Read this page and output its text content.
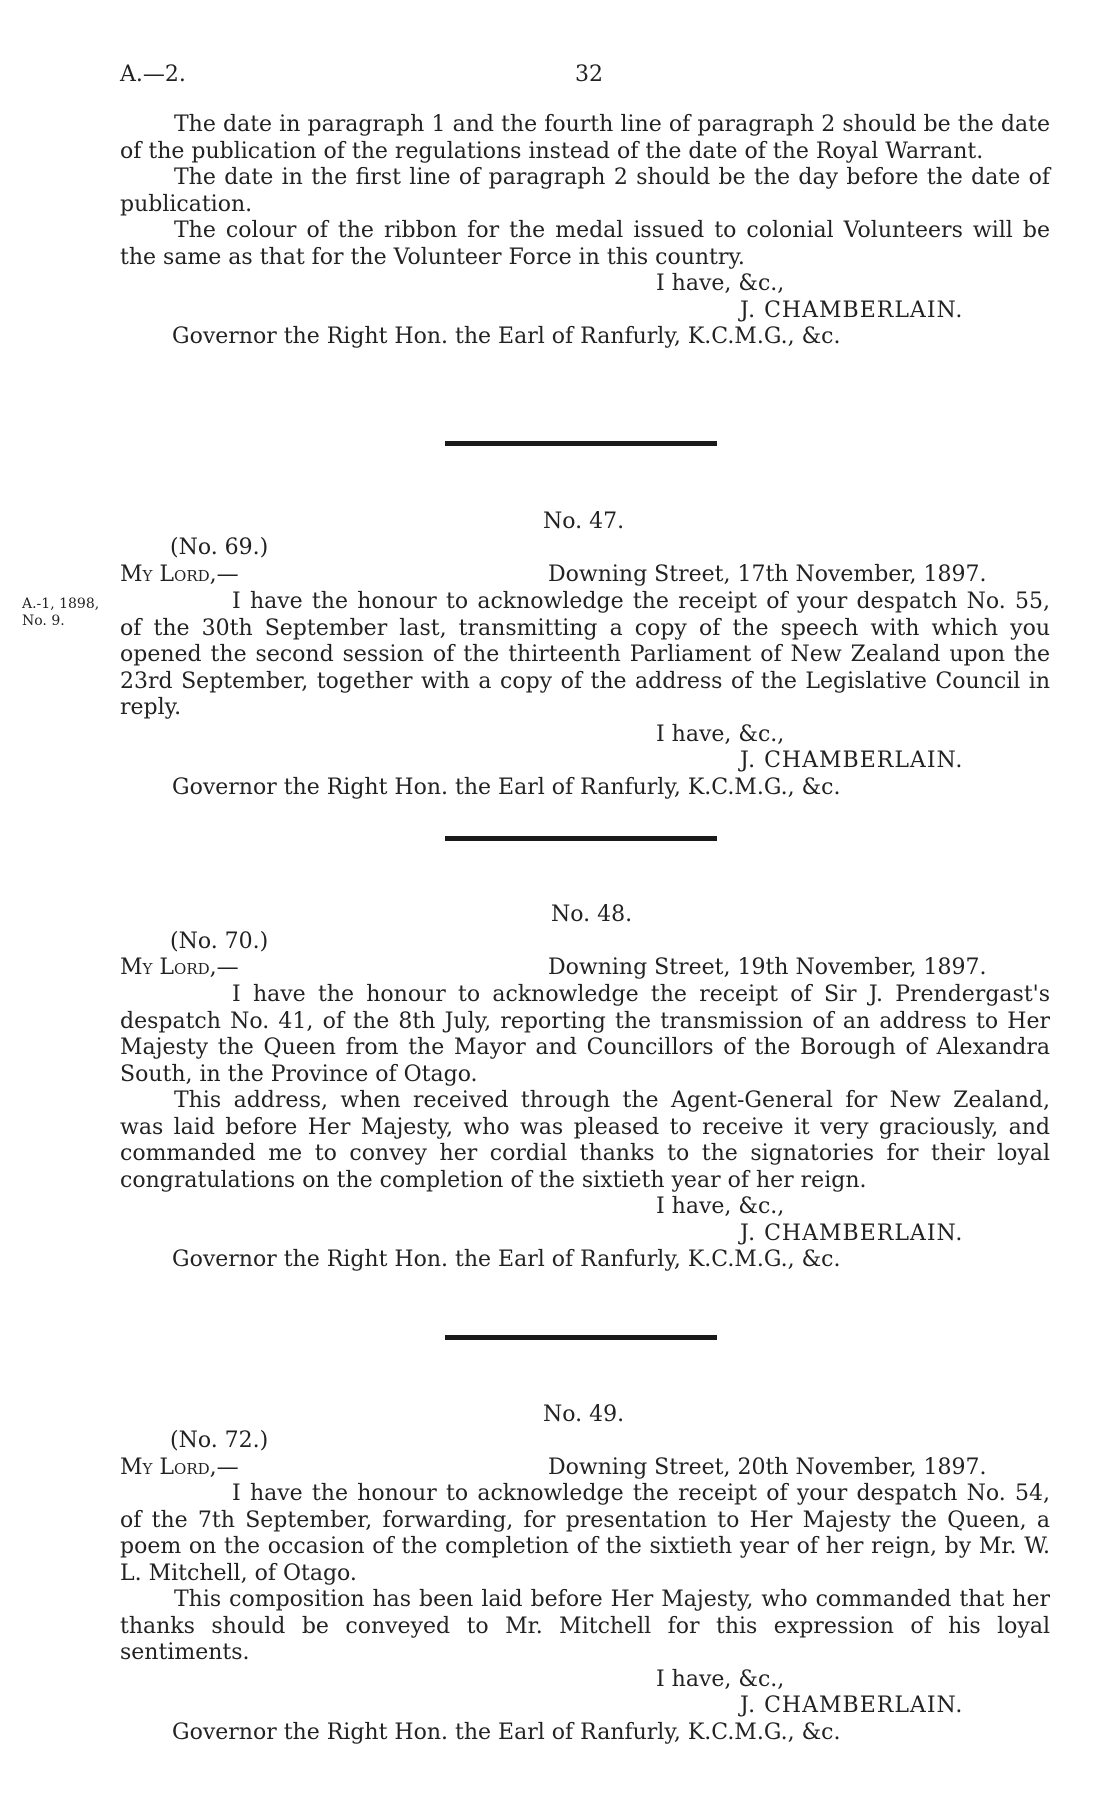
A.—2.	32

The date in paragraph 1 and the fourth line of paragraph 2 should be the date of the publication of the regulations instead of the date of the Royal Warrant.

The date in the first line of paragraph 2 should be the day before the date of publication.

The colour of the ribbon for the medal issued to colonial Volunteers will be the same as that for the Volunteer Force in this country.

I have, &c.,

J. CHAMBERLAIN.

Governor the Right Hon. the Earl of Ranfurly, K.C.M.G., &c.

No. 47.
(No. 69.)
My Lord,—	Downing Street, 17th November, 1897.
A.-1, 1898,
No. 9.

I have the honour to acknowledge the receipt of your despatch No. 55, of the 30th September last, transmitting a copy of the speech with which you opened the second session of the thirteenth Parliament of New Zealand upon the 23rd September, together with a copy of the address of the Legislative Council in reply.

I have, &c.,

J. CHAMBERLAIN.

Governor the Right Hon. the Earl of Ranfurly, K.C.M.G., &c.

No. 48.
(No. 70.)
My Lord,—	Downing Street, 19th November, 1897.

I have the honour to acknowledge the receipt of Sir J. Prendergast's despatch No. 41, of the 8th July, reporting the transmission of an address to Her Majesty the Queen from the Mayor and Councillors of the Borough of Alexandra South, in the Province of Otago.

This address, when received through the Agent-General for New Zealand, was laid before Her Majesty, who was pleased to receive it very graciously, and commanded me to convey her cordial thanks to the signatories for their loyal congratulations on the completion of the sixtieth year of her reign.

I have, &c.,

J. CHAMBERLAIN.

Governor the Right Hon. the Earl of Ranfurly, K.C.M.G., &c.

No. 49.
(No. 72.)
My Lord,—	Downing Street, 20th November, 1897.

I have the honour to acknowledge the receipt of your despatch No. 54, of the 7th September, forwarding, for presentation to Her Majesty the Queen, a poem on the occasion of the completion of the sixtieth year of her reign, by Mr. W. L. Mitchell, of Otago.

This composition has been laid before Her Majesty, who commanded that her thanks should be conveyed to Mr. Mitchell for this expression of his loyal sentiments.

I have, &c.,

J. CHAMBERLAIN.

Governor the Right Hon. the Earl of Ranfurly, K.C.M.G., &c.
